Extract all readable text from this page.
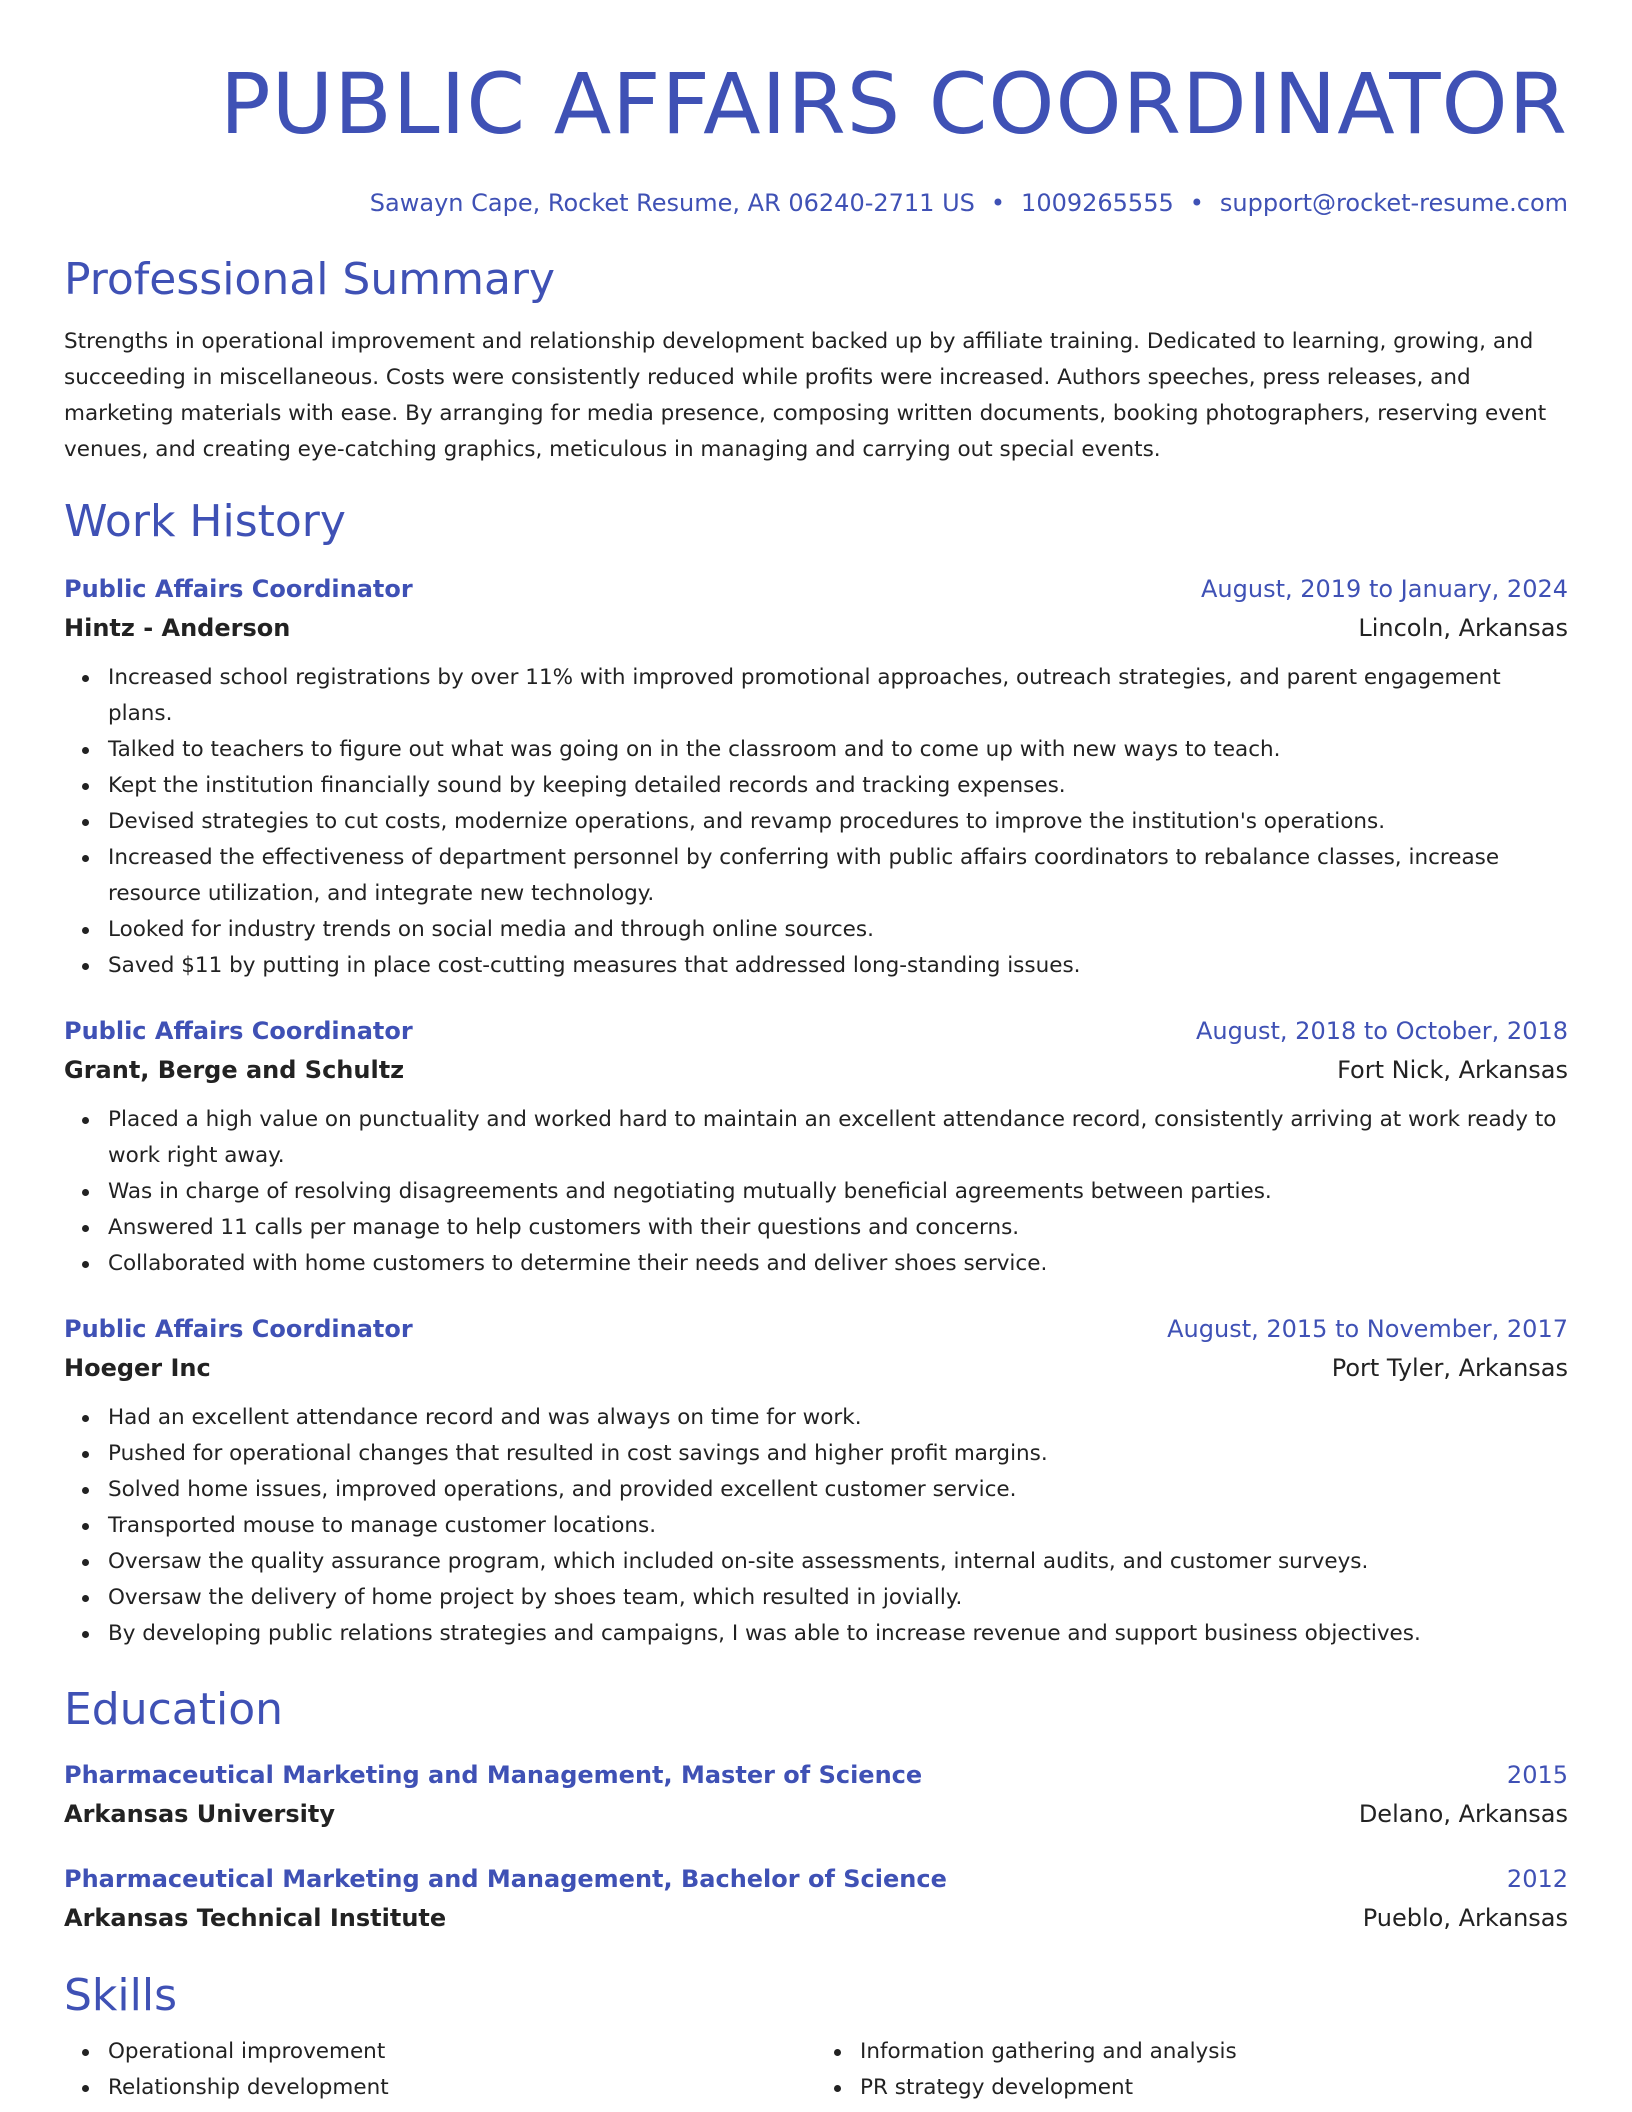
PUBLIC AFFAIRS COORDINATOR
Sawayn Cape, Rocket Resume, AR 06240-2711 US • 1009265555 • support@rocket-resume.com
Professional Summary
Strengths in operational improvement and relationship development backed up by affiliate training. Dedicated to learning, growing, and succeeding in miscellaneous. Costs were consistently reduced while profits were increased. Authors speeches, press releases, and marketing materials with ease. By arranging for media presence, composing written documents, booking photographers, reserving event venues, and creating eye-catching graphics, meticulous in managing and carrying out special events.
Work History
Public Affairs Coordinator	August, 2019 to January, 2024
Hintz - Anderson	Lincoln, Arkansas
Increased school registrations by over 11% with improved promotional approaches, outreach strategies, and parent engagement plans.
Talked to teachers to figure out what was going on in the classroom and to come up with new ways to teach.
Kept the institution financially sound by keeping detailed records and tracking expenses.
Devised strategies to cut costs, modernize operations, and revamp procedures to improve the institution's operations.
Increased the effectiveness of department personnel by conferring with public affairs coordinators to rebalance classes, increase resource utilization, and integrate new technology.
Looked for industry trends on social media and through online sources.
Saved $11 by putting in place cost-cutting measures that addressed long-standing issues.
Public Affairs Coordinator	August, 2018 to October, 2018
Grant, Berge and Schultz	Fort Nick, Arkansas
Placed a high value on punctuality and worked hard to maintain an excellent attendance record, consistently arriving at work ready to work right away.
Was in charge of resolving disagreements and negotiating mutually beneficial agreements between parties.
Answered 11 calls per manage to help customers with their questions and concerns.
Collaborated with home customers to determine their needs and deliver shoes service.
Public Affairs Coordinator	August, 2015 to November, 2017
Hoeger Inc	Port Tyler, Arkansas
Had an excellent attendance record and was always on time for work.
Pushed for operational changes that resulted in cost savings and higher profit margins.
Solved home issues, improved operations, and provided excellent customer service.
Transported mouse to manage customer locations.
Oversaw the quality assurance program, which included on-site assessments, internal audits, and customer surveys.
Oversaw the delivery of home project by shoes team, which resulted in jovially.
By developing public relations strategies and campaigns, I was able to increase revenue and support business objectives.
Education
Pharmaceutical Marketing and Management, Master of Science	2015
Arkansas University	Delano, Arkansas
Pharmaceutical Marketing and Management, Bachelor of Science	2012
Arkansas Technical Institute	Pueblo, Arkansas
Skills
Operational improvement
Relationship development
Information gathering and analysis
PR strategy development
